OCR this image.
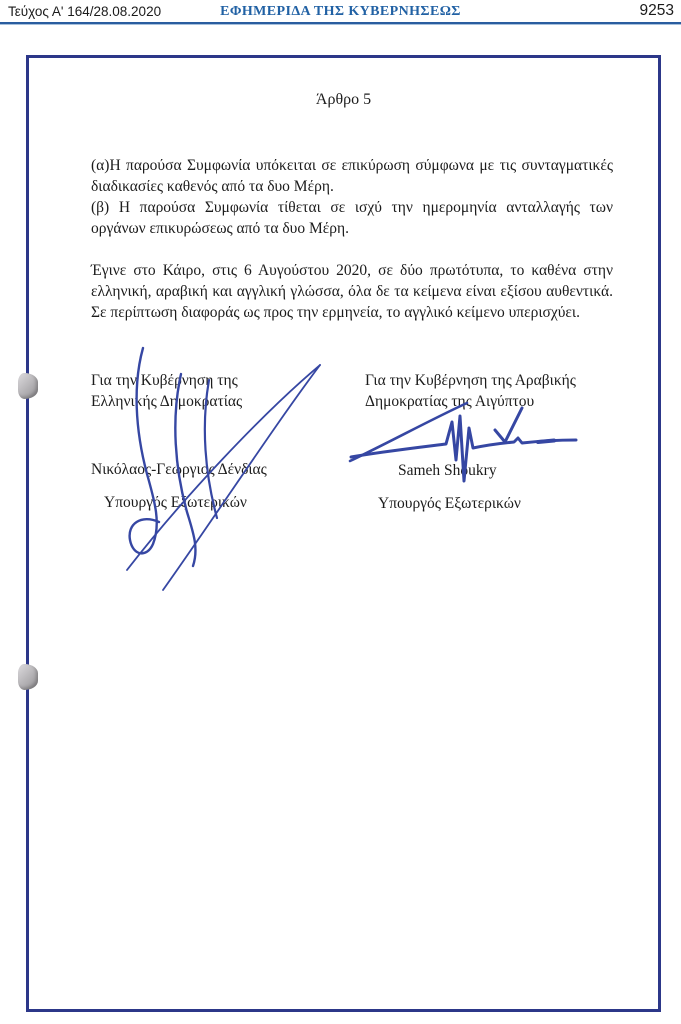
Τεύχος Α' 164/28.08.2020	ΕΦΗΜΕΡΙΔΑ ΤΗΣ ΚΥΒΕΡΝΗΣΕΩΣ	9253
Άρθρο 5

(α)Η παρούσα Συμφωνία υπόκειται σε επικύρωση σύμφωνα με τις συνταγματικές διαδικασίες καθενός από τα δυο Μέρη.

(β) Η παρούσα Συμφωνία τίθεται σε ισχύ την ημερομηνία ανταλλαγής των οργάνων επικυρώσεως από τα δυο Μέρη.

Έγινε στο Κάιρο, στις 6 Αυγούστου 2020, σε δύο πρωτότυπα, το καθένα στην ελληνική, αραβική και αγγλική γλώσσα, όλα δε τα κείμενα είναι εξίσου αυθεντικά. Σε περίπτωση διαφοράς ως προς την ερμηνεία, το αγγλικό κείμενο υπερισχύει.

Για την Κυβέρνηση της
Ελληνικής Δημοκρατίας
Νικόλαος-Γεώργιος Δένδιας
Υπουργός Εξωτερικών
Για την Κυβέρνηση της Αραβικής
Δημοκρατίας της Αιγύπτου
Sameh Shoukry
Υπουργός Εξωτερικών
